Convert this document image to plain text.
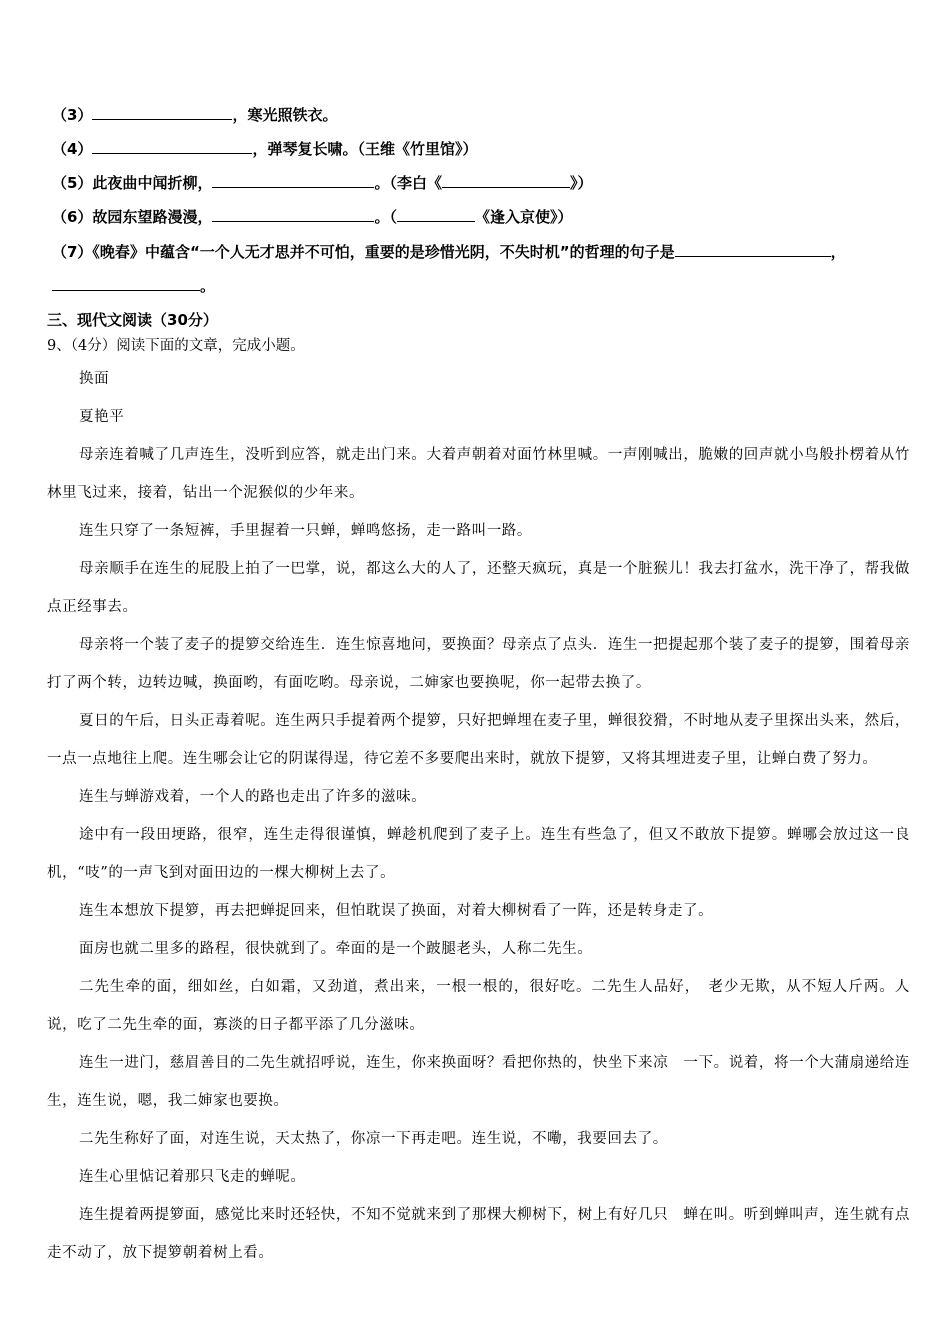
（3）	，寒光照铁衣。
（4）	，弹琴复长啸。（王维《竹里馆》）
（5）此夜曲中闻折柳，	。（李白《	》）
（6）故园东望路漫漫，	。（	《逢入京使》）
（7）《晚春》中蕴含“一个人无才思并不可怕，重要的是珍惜光阴，不失时机”的哲理的句子是	，
。
三、现代文阅读（30分）
9、（4分）阅读下面的文章，完成小题。

换面

夏艳平

母亲连着喊了几声连生，没听到应答，就走出门来。大着声朝着对面竹林里喊。一声刚喊出，脆嫩的回声就小鸟般扑楞着从竹林里飞过来，接着，钻出一个泥猴似的少年来。

连生只穿了一条短裤，手里握着一只蝉，蝉鸣悠扬，走一路叫一路。

母亲顺手在连生的屁股上拍了一巴掌，说，都这么大的人了，还整天疯玩，真是一个脏猴儿！我去打盆水，洗干净了，帮我做点正经事去。

母亲将一个装了麦子的提箩交给连生．连生惊喜地问，要换面？母亲点了点头．连生一把提起那个装了麦子的提箩，围着母亲打了两个转，边转边喊，换面哟，有面吃哟。母亲说，二婶家也要换呢，你一起带去换了。

夏日的午后，日头正毒着呢。连生两只手提着两个提箩，只好把蝉埋在麦子里，蝉很狡猾，不时地从麦子里探出头来，然后，一点一点地往上爬。连生哪会让它的阴谋得逞，待它差不多要爬出来时，就放下提箩，又将其埋进麦子里，让蝉白费了努力。

连生与蝉游戏着，一个人的路也走出了许多的滋味。

途中有一段田埂路，很窄，连生走得很谨慎，蝉趁机爬到了麦子上。连生有些急了，但又不敢放下提箩。蝉哪会放过这一良机，“吱”的一声飞到对面田边的一棵大柳树上去了。

连生本想放下提箩，再去把蝉捉回来，但怕耽误了换面，对着大柳树看了一阵，还是转身走了。

面房也就二里多的路程，很快就到了。牵面的是一个跛腿老头，人称二先生。

二先生牵的面，细如丝，白如霜，又劲道，煮出来，一根一根的，很好吃。二先生人品好，　老少无欺，从不短人斤两。人说，吃了二先生牵的面，寡淡的日子都平添了几分滋味。

连生一进门，慈眉善目的二先生就招呼说，连生，你来换面呀？看把你热的，快坐下来凉　一下。说着，将一个大蒲扇递给连生，连生说，嗯，我二婶家也要换。

二先生称好了面，对连生说，天太热了，你凉一下再走吧。连生说，不嘞，我要回去了。

连生心里惦记着那只飞走的蝉呢。

连生提着两提箩面，感觉比来时还轻快，不知不觉就来到了那棵大柳树下，树上有好几只　蝉在叫。听到蝉叫声，连生就有点走不动了，放下提箩朝着树上看。
